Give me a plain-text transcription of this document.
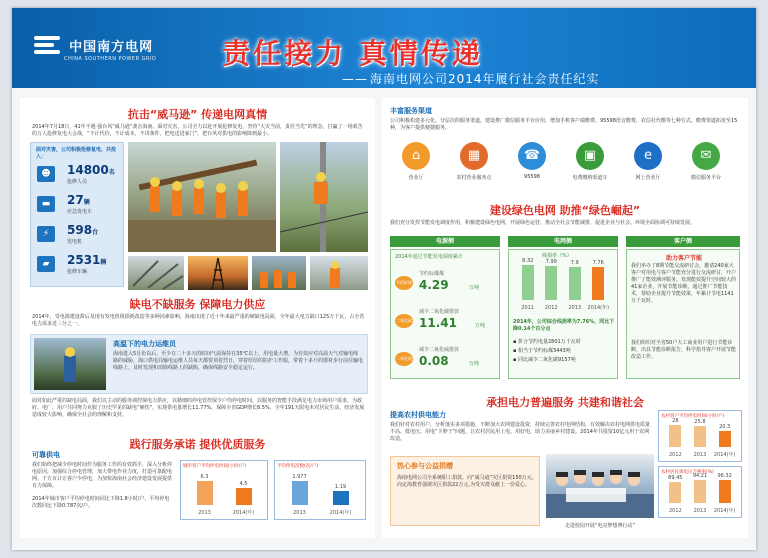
中国南方电网
CHINA SOUTHERN POWER GRID 责任接力 真情传递
—— 海南电网公司2014年履行社会责任纪实
抗击“威马逊” 传递电网真情

2014年7月18日，41年不遇 强台风“威马逊”袭击海南。面对灾害，公司全力以赴开展抢修复电，坚持“大灾当前，责任当先”的理念，打赢了一场艰苦的万人抢修复电大会战，“不计代价，不计成本，不讲条件，把电送进家门”，把台风对供电的影响降到最小。

面对灾害，公司积极抢修复电，共投入：
☻	14800名
抢修人员
▬	27辆
应急发电车
⚡	598台
发电机
▰	2531辆
抢修车辆
缺电不缺服务 保障电力供应

2014年，受电源建设滞后及现有发电机组损耗改造等多种因素影响，海南出现了近十年来最严重的硬缺电局面，全年最大电力缺口125万千瓦，占全省电力需求近三分之一。

高温下的电力运维员

海南进入5月份以后，至少有二十多天的时间气温保持在35℃以上，用电量大增。为有效应对高温天气对输电线路的威胁，海口供电局输电运维人员每天都要顶着烈日，穿着厚厚的防护工作服，带着十多斤的器材步行前往输电线路上，及时发现和消除线路上的缺陷，确保线路安全稳定运行。

面对如此严重的缺电局面，我们以主动的服务调控保电力供应，以精细的停电管控保少户均停电时间，以服务的智能手段满足电力市场用户需求，为政府、电厂、用户共同努力克服了历史罕见的缺电“硬伤”，实现供电量增长11.77%，保障全省GDP增长8.5%，全年191天限电未对居民生活、经济发展造成较大影响，确保全社会的理解和支持。

践行服务承诺 提供优质服务
可靠供电

我们始终把减少停电时间作为服务工作的有效抓手，深入分析停电原因，加强综合停电管理，加大带电作业力度，打造可靠配电网。千方百计让客户少停电，为加快海南社会经济建设发展提供有力保障。

2014年城市客户平均停电时间同比下降1.8小时/户，平均停电次数同比下降0.787次/户。

城市客户平均停电时间(小时/户)
6.3
2013
4.5
2014(年)
平均停电次数(次/户)
1.977
2013
1.19
2014(年)
丰富服务渠道

公司积极构建多元化、分层次的服务渠道，建设推广微信服务平台应用，增加手机客户端缴费、95598语音缴费、农信社代缴等七种方式。缴费渠道拓宽至15种，为客户提供便捷服务。

⌂
营业厅
▦
农村营业服务点
☎
95598
▣
电费缴纳渠道车
e
网上营业厅
✉
微信服务平台
建设绿色电网 助推“绿色崛起”

我们充分发挥节能发电调度作用，积极建设绿色电网，开展绿色运营，推动全社会节能减排，促进企业与社会、环境全面协调可持续发展。

电源侧	电网侧	客户侧
2014年通过节能发电调度累计
节约标煤
节约标煤煤
4.29	万吨
二氧化碳
减少二氧化碳排放
11.41	万吨
二氧化硫
减少二氧化硫排放
0.08	万吨
2014年，公司综合线损率为7.76%，同比下降0.14个百分点
▪ 折合节约电量2801万千瓦时
▪ 相当于节约标煤3443吨
▪ 同比减少二氧化碳9157吨
线损率（%）
8.32
2011
7.99
2012
7.9
2013
7.76
2014(年)
助力客户节能

我们举办了8期节能交流研讨会，邀请240家大客户对用电与客户节能充分进行交流研讨，开户推广了能效测评服务。发现能效提升空间较大的41家企业，开展节能诊断，通过推广节能技术，帮助企业提升节能效果，年累计节电1141万千瓦时。

我们组织对全省50户大工商业用户进行节能诊断，出具节能诊断报告，科学指导客户开展节能改造工作。

承担电力普遍服务 共建和谐社会
提高农村供电能力

我们针对农村用户，分析落实多项措施，不断加大农网建设投资，持续完善农村电网结构，有效解决农村电网供电质量不高、低电压、用电“卡脖子”问题，让农村居民用上电、用好电，助力美丽乡村建设。2014年共投资10亿元用于农网改造。

农村客户平均停电时间(小时/户)
28
2012
25.8
2013
20.3
2014(年)
农村居民端电压合格率(%)
89.45
2012
94.21
2013
96.32
2014(年)
热心参与公益捐赠

海南电网公司全系统职工捐款，向“威马逊”灾区捐资150万元,向定海教育强坡灾区捐款22万元,为受灾群众献上一份爱心。

走进校园开展“电亮梦想博行动”
